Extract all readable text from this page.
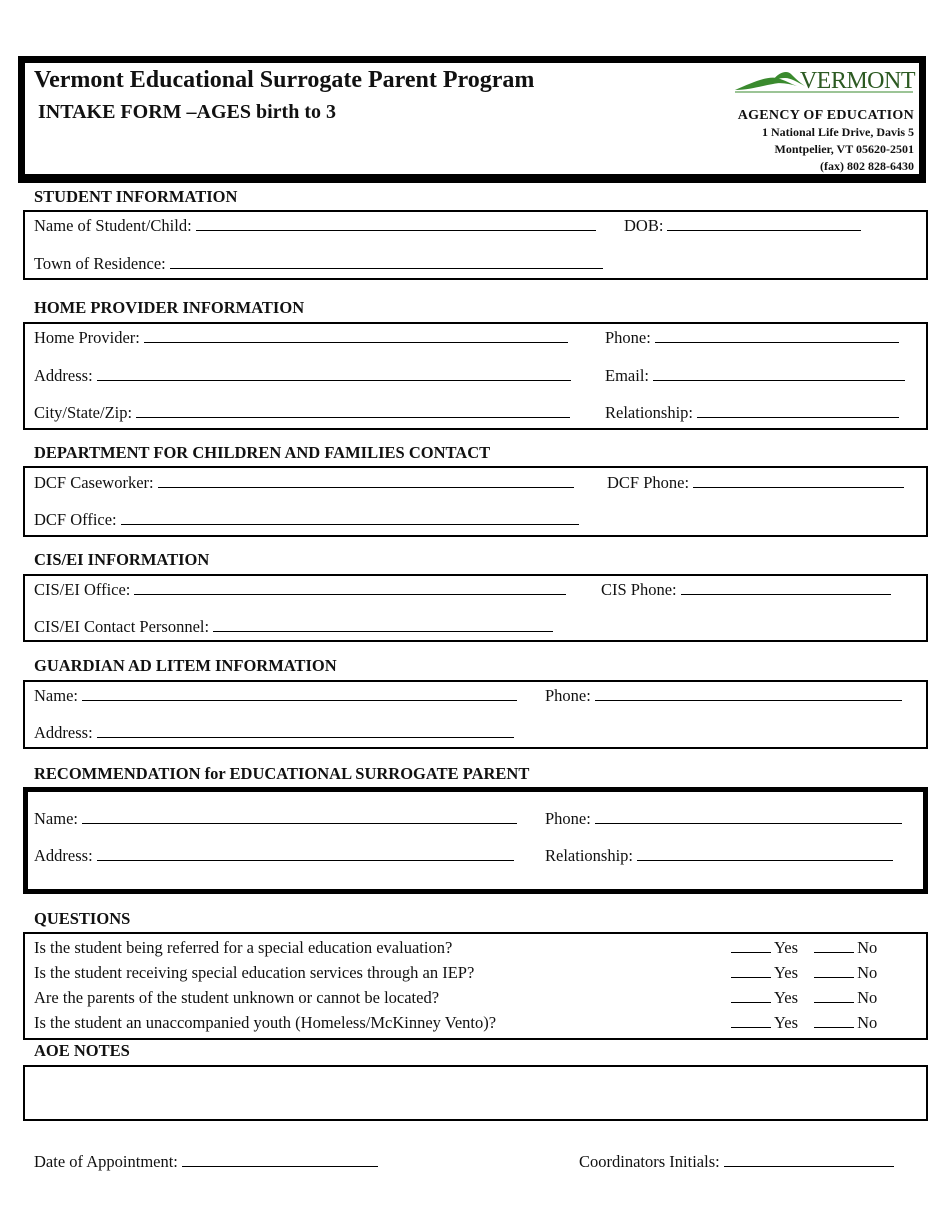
Vermont Educational Surrogate Parent Program
INTAKE FORM –AGES birth to 3
VERMONT
AGENCY OF EDUCATION
1 National Life Drive, Davis 5
Montpelier, VT 05620-2501
(fax) 802 828-6430
STUDENT INFORMATION
Name of Student/Child:	DOB:
Town of Residence:
HOME PROVIDER INFORMATION
Home Provider:	Phone:
Address:	Email:
City/State/Zip:	Relationship:
DEPARTMENT FOR CHILDREN AND FAMILIES CONTACT
DCF Caseworker:	DCF Phone:
DCF Office:
CIS/EI INFORMATION
CIS/EI Office:	CIS Phone:
CIS/EI Contact Personnel:
GUARDIAN AD LITEM INFORMATION
Name:	Phone:
Address:
RECOMMENDATION for EDUCATIONAL SURROGATE PARENT
Name:	Phone:
Address:	Relationship:
QUESTIONS
Is the student being referred for a special education evaluation?	Yes	No
Is the student receiving special education services through an IEP?	Yes	No
Are the parents of the student unknown or cannot be located?	Yes	No
Is the student an unaccompanied youth (Homeless/McKinney Vento)?	Yes	No
AOE NOTES
Date of Appointment:	Coordinators Initials:
